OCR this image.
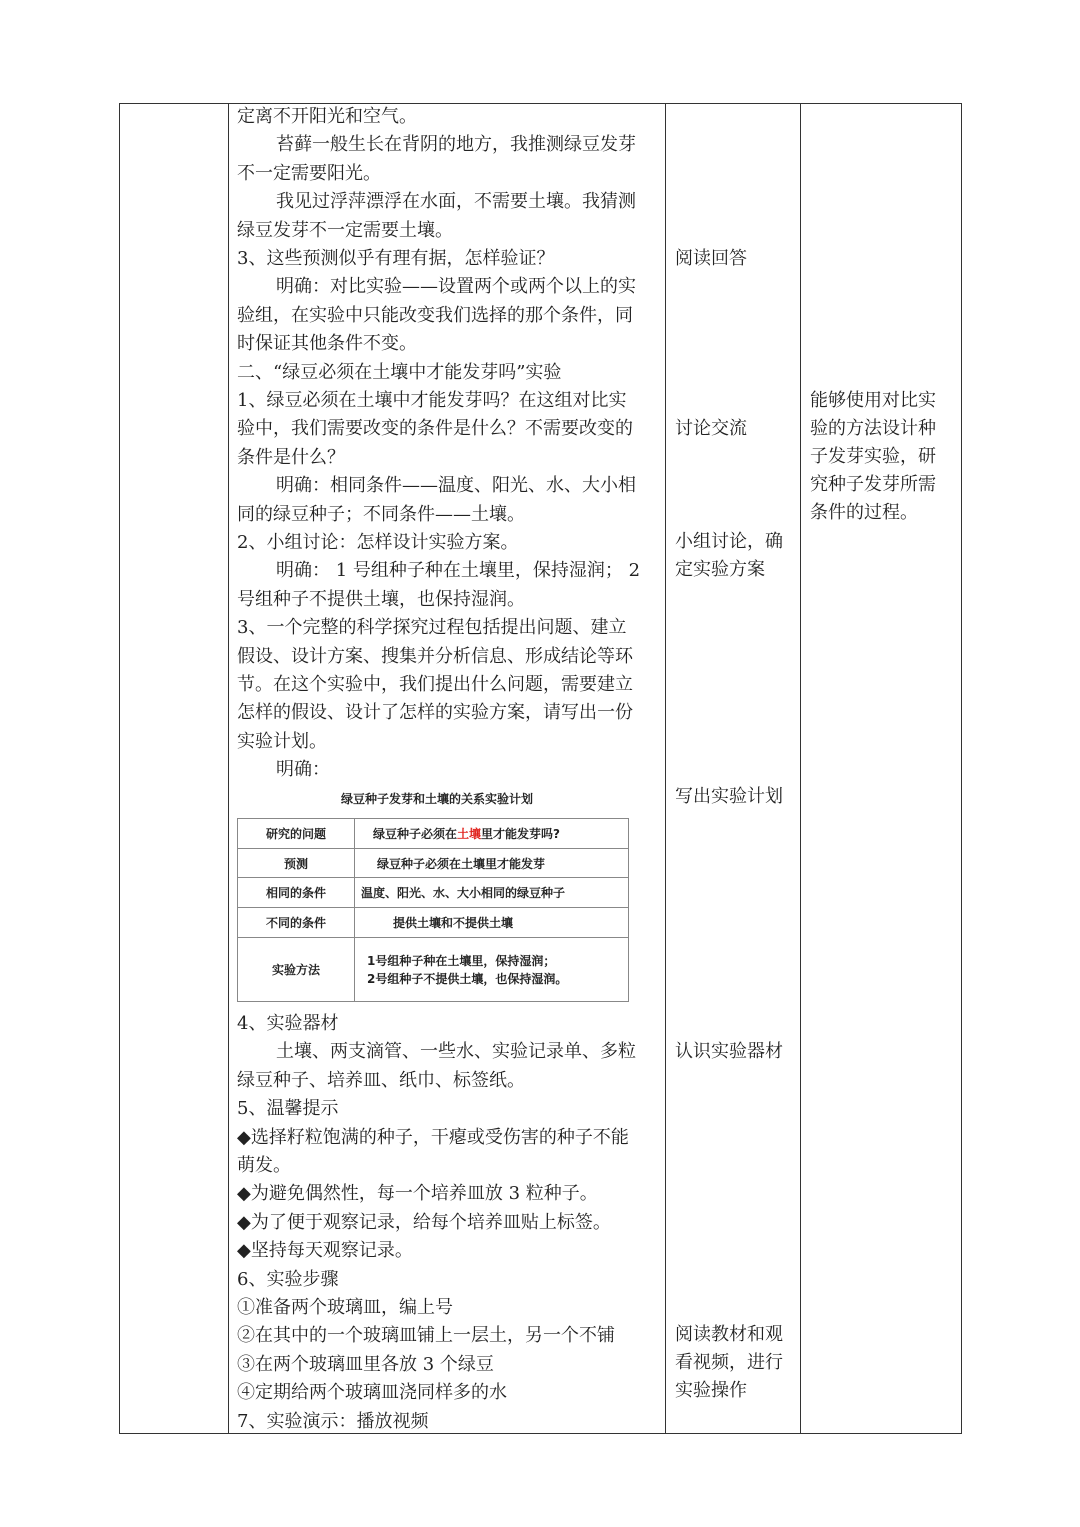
定离不开阳光和空气。

苔藓一般生长在背阴的地方，我推测绿豆发芽

不一定需要阳光。

我见过浮萍漂浮在水面，不需要土壤。我猜测

绿豆发芽不一定需要土壤。

3、这些预测似乎有理有据，怎样验证？

明确：对比实验——设置两个或两个以上的实

验组，在实验中只能改变我们选择的那个条件，同

时保证其他条件不变。

二、“绿豆必须在土壤中才能发芽吗”实验

1、绿豆必须在土壤中才能发芽吗？在这组对比实

验中，我们需要改变的条件是什么？不需要改变的

条件是什么？

明确：相同条件——温度、阳光、水、大小相

同的绿豆种子；不同条件——土壤。

2、小组讨论：怎样设计实验方案。

明确： 1 号组种子种在土壤里，保持湿润； 2

号组种子不提供土壤，也保持湿润。

3、一个完整的科学探究过程包括提出问题、建立

假设、设计方案、搜集并分析信息、形成结论等环

节。在这个实验中，我们提出什么问题，需要建立

怎样的假设、设计了怎样的实验方案，请写出一份

实验计划。

明确：

绿豆种子发芽和土壤的关系实验计划
研究的问题	绿豆种子必须在土壤里才能发芽吗?
预测	绿豆种子必须在土壤里才能发芽
相同的条件	温度、阳光、水、大小相同的绿豆种子
不同的条件	提供土壤和不提供土壤
实验方法	1号组种子种在土壤里，保持湿润；
2号组种子不提供土壤，也保持湿润。

4、实验器材

土壤、两支滴管、一些水、实验记录单、多粒

绿豆种子、培养皿、纸巾、标签纸。

5、温馨提示

◆选择籽粒饱满的种子，干瘪或受伤害的种子不能

萌发。

◆为避免偶然性，每一个培养皿放 3 粒种子。

◆为了便于观察记录，给每个培养皿贴上标签。

◆坚持每天观察记录。

6、实验步骤

①准备两个玻璃皿，编上号

②在其中的一个玻璃皿铺上一层土，另一个不铺

③在两个玻璃皿里各放 3 个绿豆

④定期给两个玻璃皿浇同样多的水

7、实验演示：播放视频

阅读回答

讨论交流

小组讨论，确

定实验方案

写出实验计划

认识实验器材

阅读教材和观

看视频，进行

实验操作

能够使用对比实

验的方法设计种

子发芽实验，研

究种子发芽所需

条件的过程。
